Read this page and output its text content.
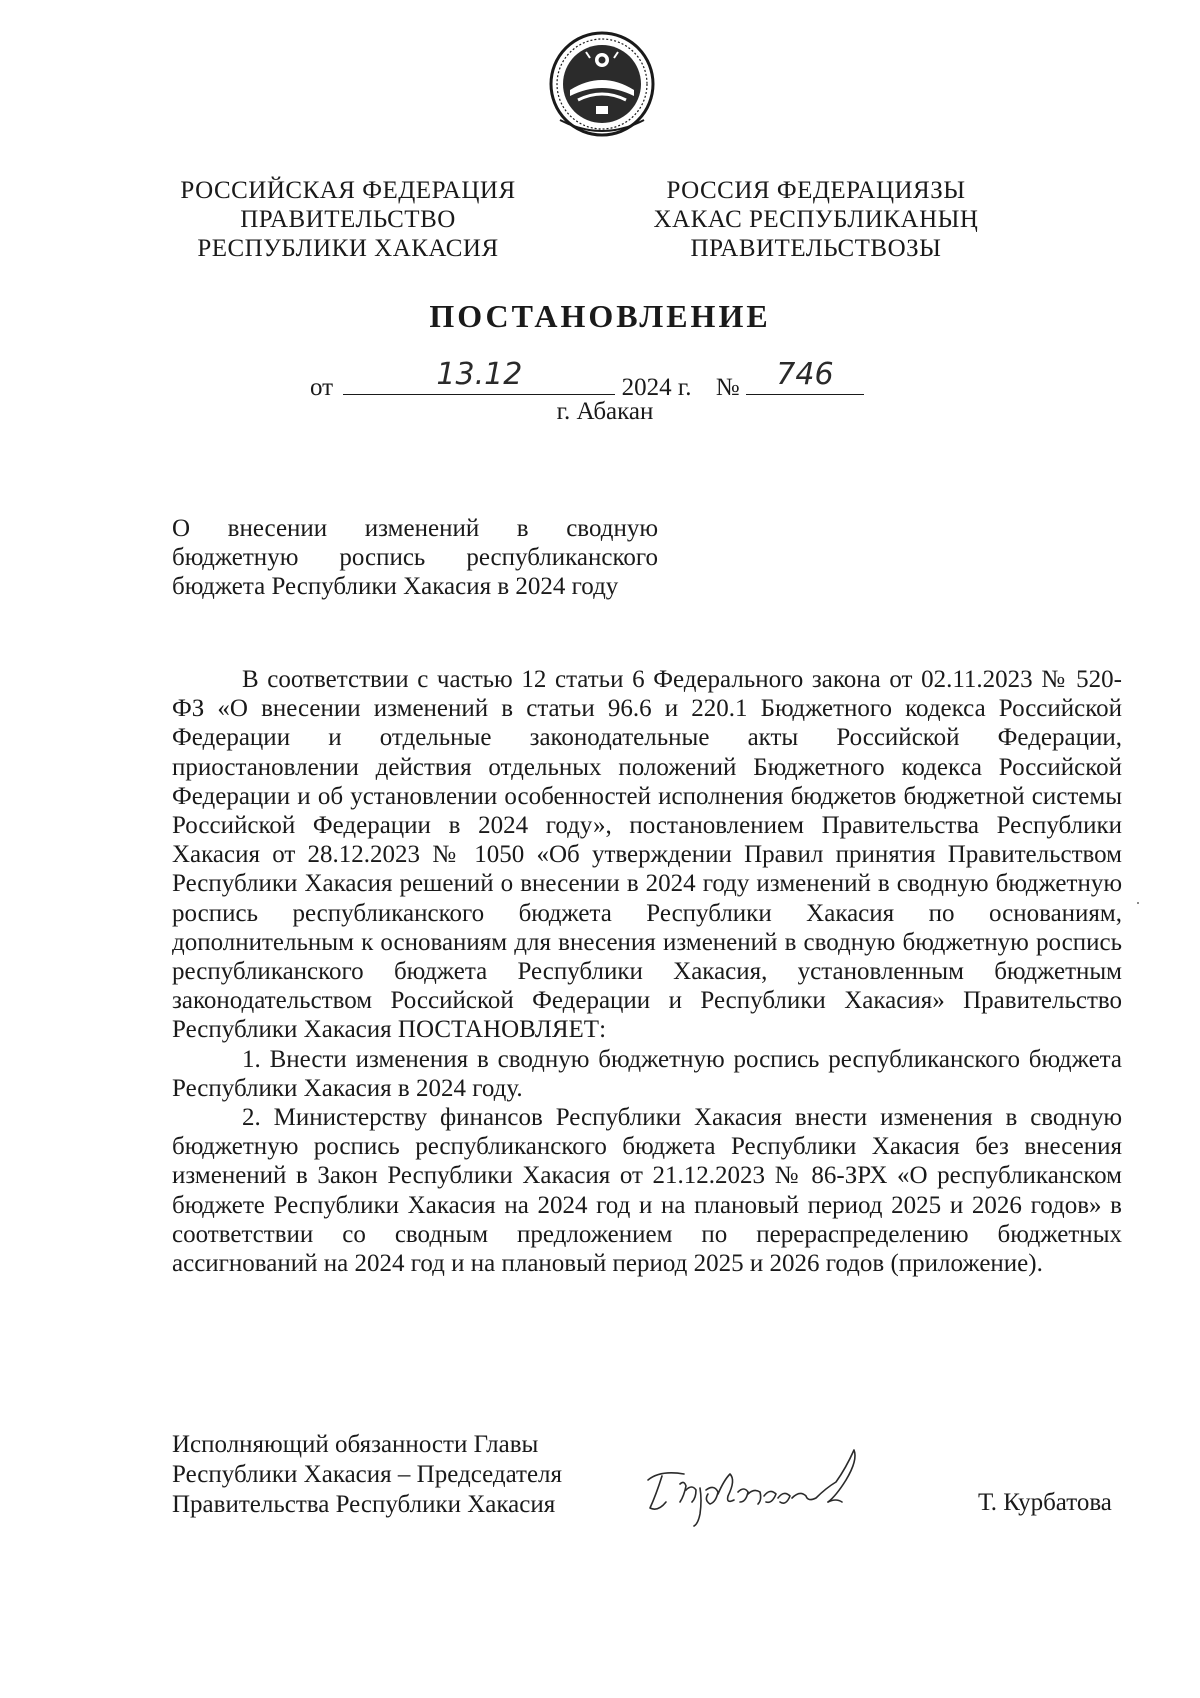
РОССИЙСКАЯ ФЕДЕРАЦИЯ
ПРАВИТЕЛЬСТВО
РЕСПУБЛИКИ ХАКАСИЯ
РОССИЯ ФЕДЕРАЦИЯЗЫ
ХАКАС РЕСПУБЛИКАНЫҢ
ПРАВИТЕЛЬСТВОЗЫ
ПОСТАНОВЛЕНИЕ
от	13.12	2024 г. №	746
г. Абакан
О внесении изменений в сводную
бюджетную роспись республиканского
бюджета Республики Хакасия в 2024 году

В соответствии с частью 12 статьи 6 Федерального закона от 02.11.2023 № 520-ФЗ «О внесении изменений в статьи 96.6 и 220.1 Бюджетного кодекса Российской Федерации и отдельные законодательные акты Российской Федерации, приостановлении действия отдельных положений Бюджетного кодекса Российской Федерации и об установлении особенностей исполнения бюджетов бюджетной системы Российской Федерации в 2024 году», постановлением Правительства Республики Хакасия от 28.12.2023 № 1050 «Об утверждении Правил принятия Правительством Республики Хакасия решений о внесении в 2024 году изменений в сводную бюджетную роспись республиканского бюджета Республики Хакасия по основаниям, дополнительным к основаниям для внесения изменений в сводную бюджетную роспись республиканского бюджета Республики Хакасия, установленным бюджетным законодательством Российской Федерации и Республики Хакасия» Правительство Республики Хакасия ПОСТАНОВЛЯЕТ:

1. Внести изменения в сводную бюджетную роспись республиканского бюджета Республики Хакасия в 2024 году.

2. Министерству финансов Республики Хакасия внести изменения в сводную бюджетную роспись республиканского бюджета Республики Хакасия без внесения изменений в Закон Республики Хакасия от 21.12.2023 № 86-ЗРХ «О республиканском бюджете Республики Хакасия на 2024 год и на плановый период 2025 и 2026 годов» в соответствии со сводным предложением по перераспределению бюджетных ассигнований на 2024 год и на плановый период 2025 и 2026 годов (приложение).

Исполняющий обязанности Главы
Республики Хакасия – Председателя
Правительства Республики Хакасия	Т. Курбатова
